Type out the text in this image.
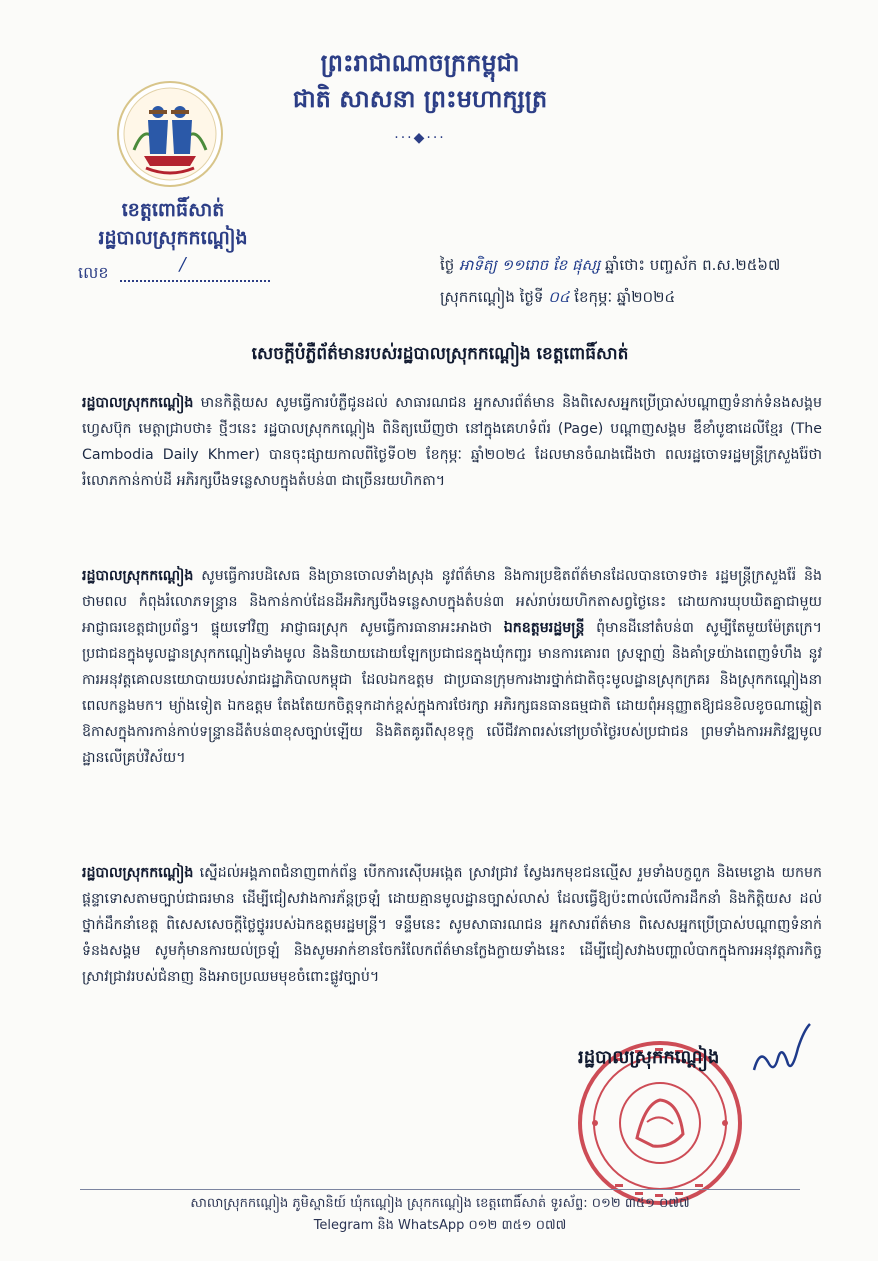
ព្រះរាជាណាចក្រកម្ពុជា
ជាតិ សាសនា ព្រះមហាក្សត្រ
···◆···
ខេត្តពោធិ៍សាត់
រដ្ឋបាលស្រុកកណ្ដៀង
លេខ	/	ថ្ងៃ អាទិត្យ ១១រោច ខែ ផុស្ស ឆ្នាំថោះ បញ្ចស័ក ព.ស.២៥៦៧
ស្រុកកណ្ដៀង ថ្ងៃទី ០៤ ខែកុម្ភៈ ឆ្នាំ២០២៤
សេចក្ដីបំភ្លឺព័ត៌មានរបស់រដ្ឋបាលស្រុកកណ្ដៀង ខេត្តពោធិ៍សាត់
រដ្ឋបាលស្រុកកណ្ដៀង មានកិត្តិយស សូមធ្វើការបំភ្លឺជូនដល់ សាធារណជន អ្នកសារព័ត៌មាន និងពិសេសអ្នកប្រើប្រាស់បណ្ដាញទំនាក់ទំនងសង្គមហ្វេសប៊ុក មេត្តាជ្រាបថា៖ ថ្មីៗនេះ រដ្ឋបាលស្រុកកណ្ដៀង ពិនិត្យឃើញថា នៅក្នុងគេហទំព័រ (Page) បណ្ដាញសង្គម ឌឹខាំបូឌាដេលីខ្មែរ (The Cambodia Daily Khmer) បានចុះផ្សាយកាលពីថ្ងៃទី០២ ខែកុម្ភៈ ឆ្នាំ២០២៤ ដែលមានចំណងជើងថា ពលរដ្ឋចោទរដ្ឋមន្ត្រីក្រសួងរ៉ែថា រំលោភកាន់កាប់ដី អភិរក្សបឹងទន្លេសាបក្នុងតំបន់៣ ជាច្រើនរយហិកតា។
រដ្ឋបាលស្រុកកណ្ដៀង សូមធ្វើការបដិសេធ និងច្រានចោលទាំងស្រុង នូវព័ត៌មាន និងការប្រឌិតព័ត៌មានដែលបានចោទថា៖ រដ្ឋមន្ត្រីក្រសួងរ៉ែ និងថាមពល កំពុងរំលោភទន្រ្ទាន និងកាន់កាប់ដែនដីអភិរក្សបឹងទន្លេសាបក្នុងតំបន់៣ អស់រាប់រយហិកតាសព្វថ្ងៃនេះ ដោយការឃុបឃិតគ្នាជាមួយអាជ្ញាធរខេត្តជាប្រព័ន្ធ។ ផ្ទុយទៅវិញ អាជ្ញាធរស្រុក សូមធ្វើការធានាអះអាងថា ឯកឧត្តមរដ្ឋមន្ត្រី ពុំមានដីនៅតំបន់៣ សូម្បីតែមួយម៉ែត្រក្រេ។ ប្រជាជនក្នុងមូលដ្ឋានស្រុកកណ្ដៀងទាំងមូល និងនិយាយដោយឡែកប្រជាជនក្នុងឃុំកញ្ជរ មានការគោរព ស្រឡាញ់ និងគាំទ្រយ៉ាងពេញទំហឹង នូវការអនុវត្តគោលនយោបាយរបស់រាជរដ្ឋាភិបាលកម្ពុជា ដែលឯកឧត្តម ជាប្រធានក្រុមការងារថ្នាក់ជាតិចុះមូលដ្ឋានស្រុកក្រគរ និងស្រុកកណ្ដៀងនាពេលកន្លងមក។ ម្យ៉ាងទៀត ឯកឧត្តម តែងតែយកចិត្តទុកដាក់ខ្ពស់ក្នុងការថែរក្សា អភិរក្សធនធានធម្មជាតិ ដោយពុំអនុញ្ញាតឱ្យជនខិលខូចណាឆ្លៀតឱកាសក្នុងការកាន់កាប់ទន្រ្ទានដីតំបន់៣ខុសច្បាប់ឡើយ និងគិតគូរពីសុខទុក្ខ លើជីវភាពរស់នៅប្រចាំថ្ងៃរបស់ប្រជាជន ព្រមទាំងការអភិវឌ្ឍមូលដ្ឋានលើគ្រប់វិស័យ។
រដ្ឋបាលស្រុកកណ្ដៀង ស្នើដល់អង្គភាពជំនាញពាក់ព័ន្ធ បើកការស៊ើបអង្កេត ស្រាវជ្រាវ ស្វែងរកមុខជនល្មើស រួមទាំងបក្ខពួក និងមេខ្លោង យកមកផ្ដន្ទាទោសតាមច្បាប់ជាធរមាន ដើម្បីជៀសវាងការភ័ន្តច្រឡំ ដោយគ្មានមូលដ្ឋានច្បាស់លាស់ ដែលធ្វើឱ្យប៉ះពាល់លើការដឹកនាំ និងកិត្តិយស ដល់ថ្នាក់ដឹកនាំខេត្ត ពិសេសសេចក្ដីថ្លៃថ្នូររបស់ឯកឧត្តមរដ្ឋមន្ត្រី។ ទន្ទឹមនេះ សូមសាធារណជន អ្នកសារព័ត៌មាន ពិសេសអ្នកប្រើប្រាស់បណ្ដាញទំនាក់ទំនងសង្គម សូមកុំមានការយល់ច្រឡំ និងសូមអាក់ខានចែករំលែកព័ត៌មានក្លែងក្លាយទាំងនេះ ដើម្បីជៀសវាងបញ្ហាលំបាកក្នុងការអនុវត្តភារកិច្ចស្រាវជ្រាវរបស់ជំនាញ និងអាចប្រឈមមុខចំពោះផ្លូវច្បាប់។
រដ្ឋបាលស្រុកកណ្ដៀង
សាលាស្រុកកណ្ដៀង ភូមិស្ពានិយ៍ ឃុំកណ្ដៀង ស្រុកកណ្ដៀង ខេត្តពោធិ៍សាត់ ទូរស័ព្ទ: ០១២ ៣៥១ ០៧៧
Telegram និង WhatsApp ០១២ ៣៥១ ០៧៧
